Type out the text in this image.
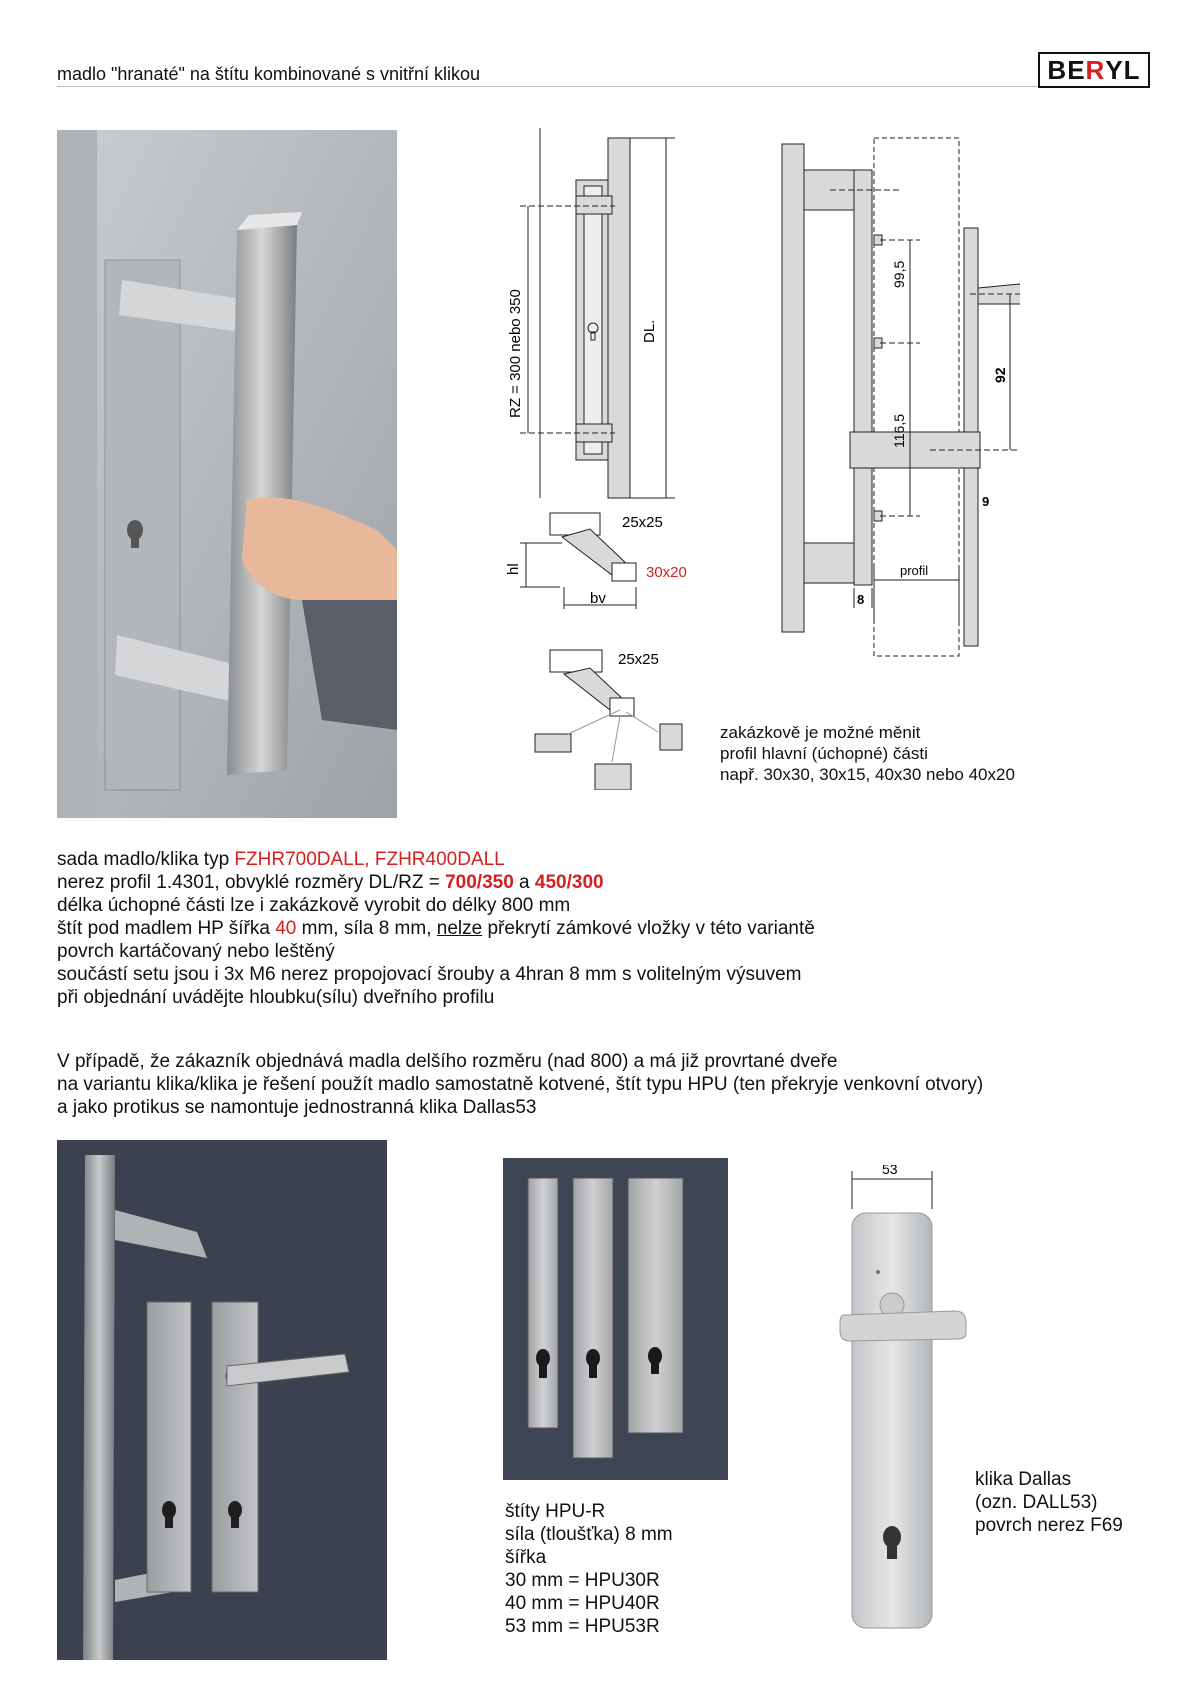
madlo "hranaté" na štítu kombinované s vnitřní klikou	BE R YL
RZ = 300 nebo 350	DL.
25x25
30x20
hl
bv
25x25
99,5
116,5
92
9
8
profil
zakázkově je možné měnit
profil hlavní (úchopné) části
např. 30x30, 30x15, 40x30 nebo 40x20
sada madlo/klika typ FZHR700DALL, FZHR400DALL
nerez profil 1.4301, obvyklé rozměry DL/RZ = 700/350 a 450/300
délka úchopné části lze i zakázkově vyrobit do délky 800 mm
štít pod madlem HP šířka 40 mm, síla 8 mm, nelze překrytí zámkové vložky v této variantě
povrch kartáčovaný nebo leštěný
součástí setu jsou i 3x M6 nerez propojovací šrouby a 4hran 8 mm s volitelným výsuvem
při objednání uvádějte hloubku(sílu) dveřního profilu
V případě, že zákazník objednává madla delšího rozměru (nad 800) a má již provrtané dveře
na variantu klika/klika je řešení použít madlo samostatně kotvené, štít typu HPU (ten překryje venkovní otvory)
a jako protikus se namontuje jednostranná klika Dallas53
štíty HPU-R
síla (tloušťka) 8 mm
šířka
30 mm = HPU30R
40 mm = HPU40R
53 mm = HPU53R
53
klika Dallas
(ozn. DALL53)
povrch nerez F69
